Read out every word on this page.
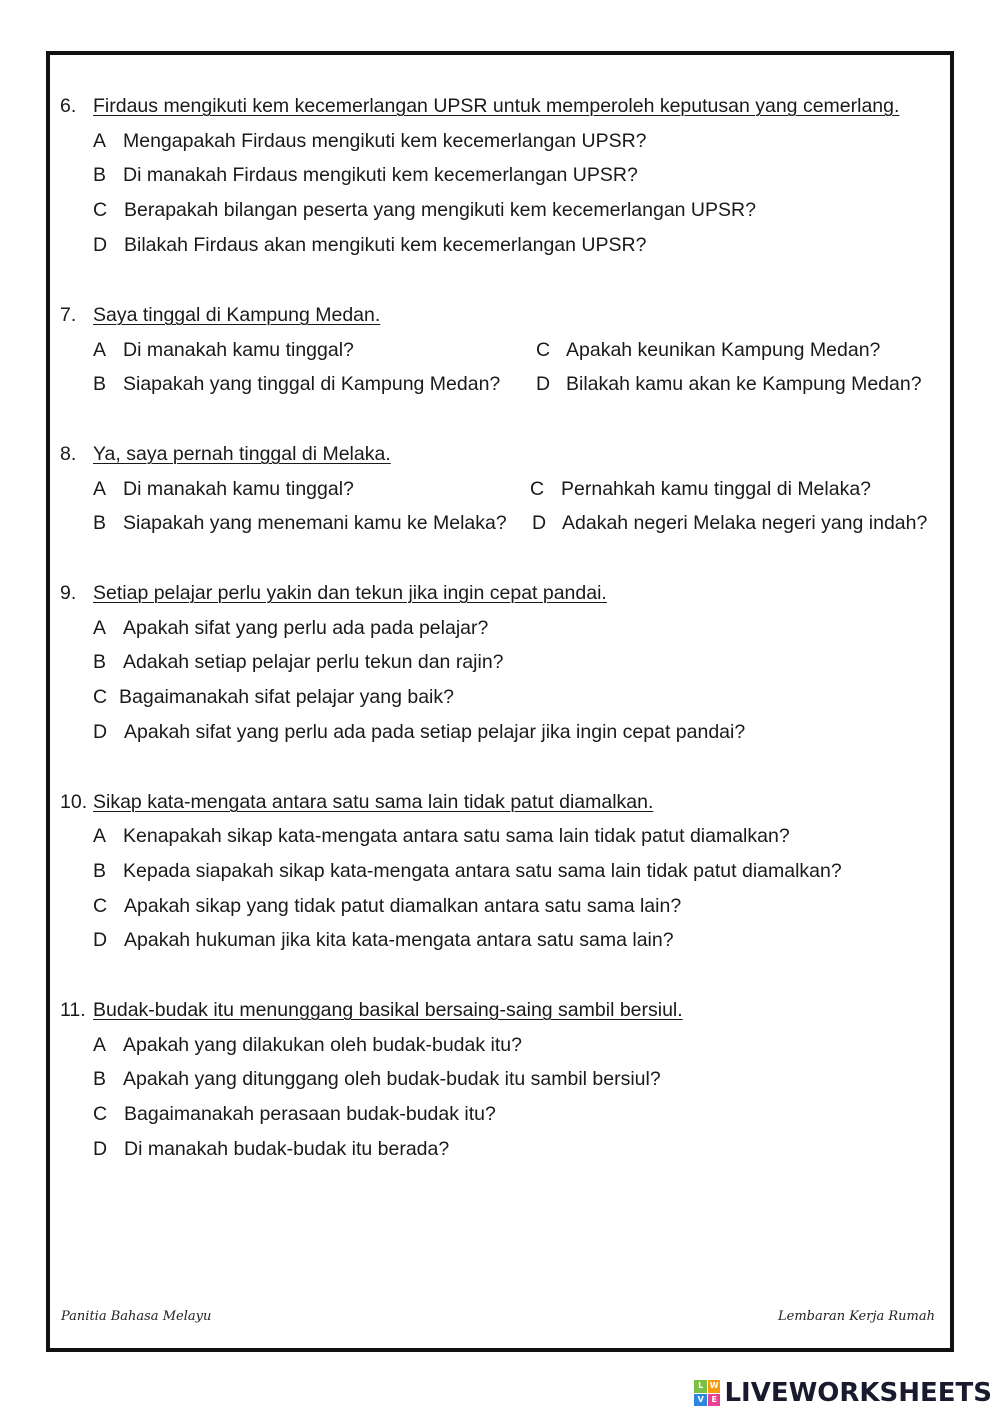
6. Firdaus mengikuti kem kecemerlangan UPSR untuk memperoleh keputusan yang cemerlang.
A Mengapakah Firdaus mengikuti kem kecemerlangan UPSR?
B Di manakah Firdaus mengikuti kem kecemerlangan UPSR?
C Berapakah bilangan peserta yang mengikuti kem kecemerlangan UPSR?
D Bilakah Firdaus akan mengikuti kem kecemerlangan UPSR?
7. Saya tinggal di Kampung Medan.
A Di manakah kamu tinggal?	C Apakah keunikan Kampung Medan?
B Siapakah yang tinggal di Kampung Medan? D Bilakah kamu akan ke Kampung Medan?
8. Ya, saya pernah tinggal di Melaka.
A Di manakah kamu tinggal?	C Pernahkah kamu tinggal di Melaka?
B Siapakah yang menemani kamu ke Melaka? D Adakah negeri Melaka negeri yang indah?
9. Setiap pelajar perlu yakin dan tekun jika ingin cepat pandai.
A Apakah sifat yang perlu ada pada pelajar?
B Adakah setiap pelajar perlu tekun dan rajin?
C Bagaimanakah sifat pelajar yang baik?
D Apakah sifat yang perlu ada pada setiap pelajar jika ingin cepat pandai?
10. Sikap kata-mengata antara satu sama lain tidak patut diamalkan.
A Kenapakah sikap kata-mengata antara satu sama lain tidak patut diamalkan?
B Kepada siapakah sikap kata-mengata antara satu sama lain tidak patut diamalkan?
C Apakah sikap yang tidak patut diamalkan antara satu sama lain?
D Apakah hukuman jika kita kata-mengata antara satu sama lain?
11. Budak-budak itu menunggang basikal bersaing-saing sambil bersiul.
A Apakah yang dilakukan oleh budak-budak itu?
B Apakah yang ditunggang oleh budak-budak itu sambil bersiul?
C Bagaimanakah perasaan budak-budak itu?
D Di manakah budak-budak itu berada?
Panitia Bahasa Melayu	Lembaran Kerja Rumah
L W
V E LIVEWORKSHEETS
